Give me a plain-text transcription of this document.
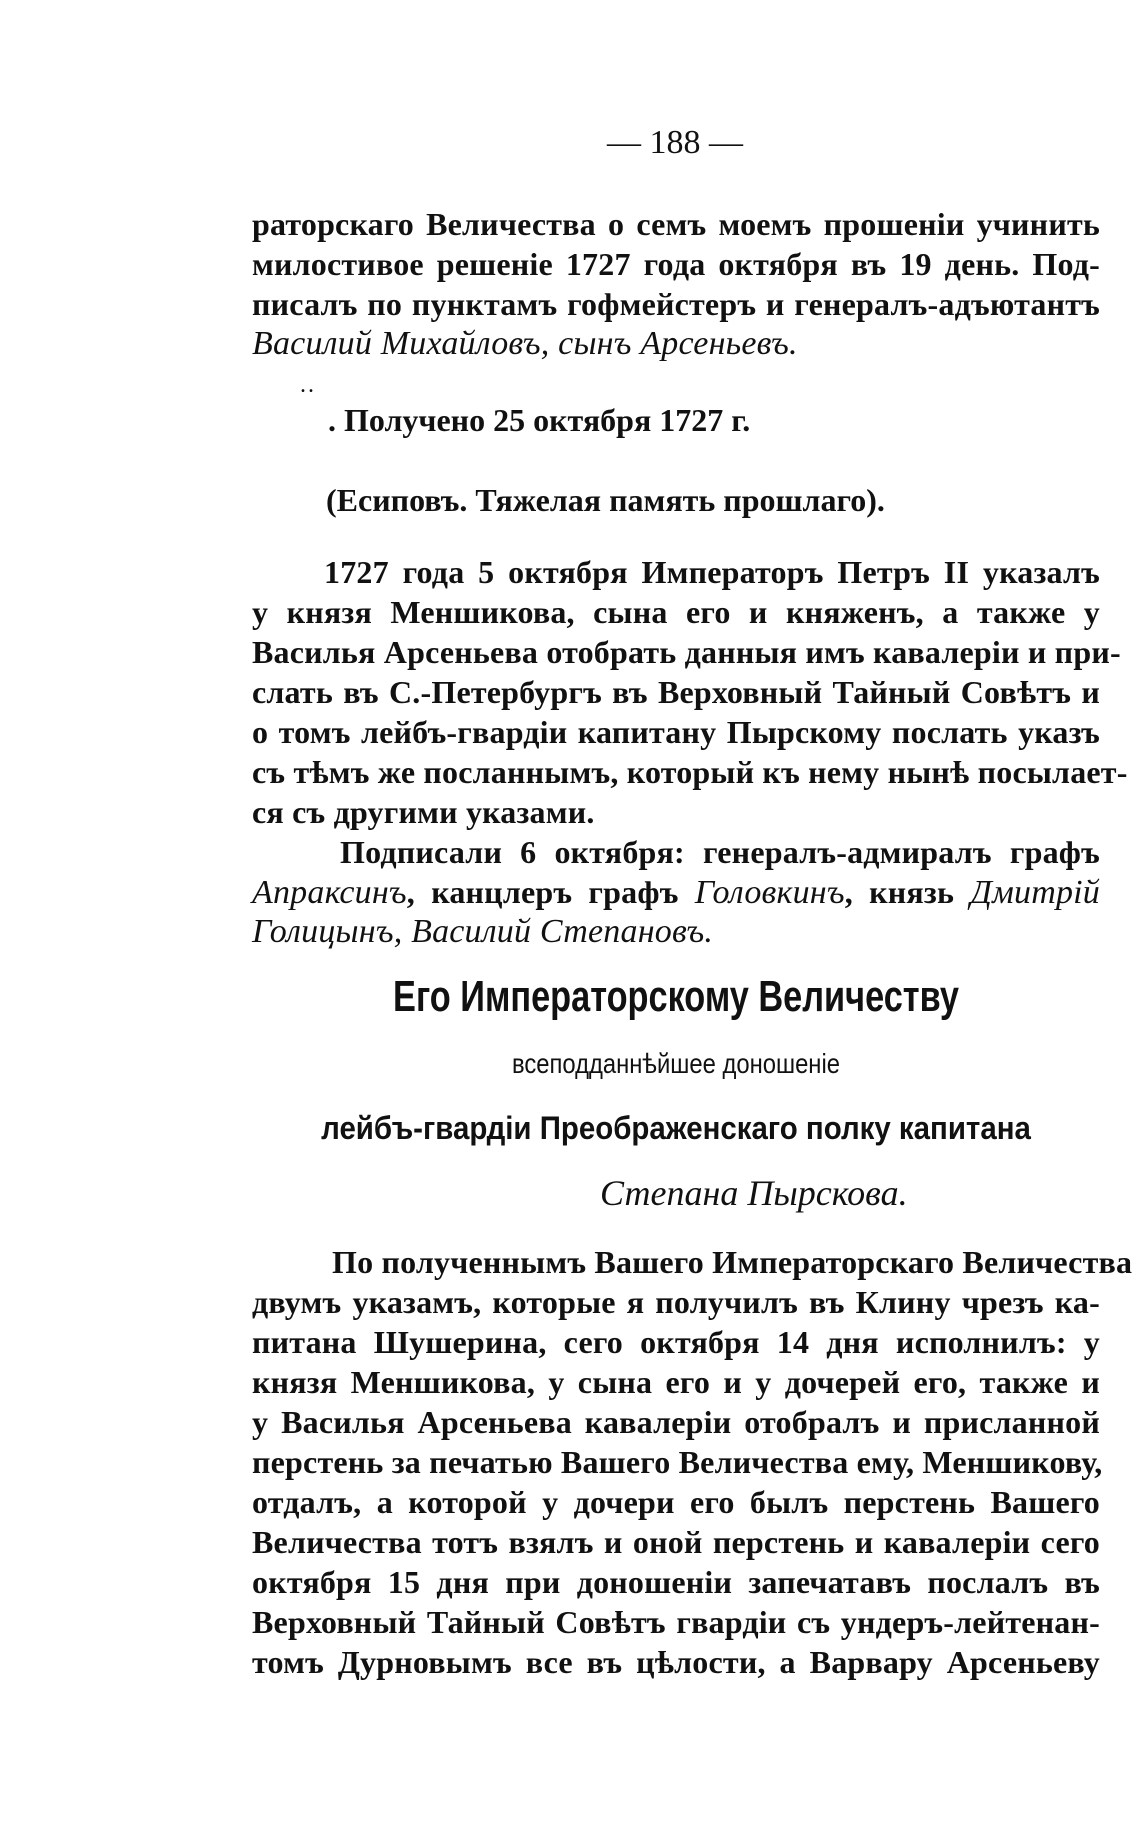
— 188 —
раторскаго Величества о семъ моемъ прошенiи учинить
милостивое решенiе 1727 года октября въ 19 день. Под-
писалъ по пунктамъ гофмейстеръ и генералъ-адъютантъ
Василий Михайловъ, сынъ Арсеньевъ.
..
. Получено 25 октября 1727 г.
(Есиповъ. Тяжелая память прошлаго).
1727 года 5 октября Императоръ Петръ II указалъ
у князя Меншикова, сына его и княженъ, а также у
Василья Арсеньева отобрать данныя имъ кавалерiи и при-
слать въ С.-Петербургъ въ Верховный Тайный Совѣтъ и
о томъ лейбъ-гвардiи капитану Пырскому послать указъ
съ тѣмъ же посланнымъ, который къ нему нынѣ посылает-
ся съ другими указами.
Подписали 6 октября: генералъ-адмиралъ графъ
Апраксинъ, канцлеръ графъ Головкинъ, князь Дмитрiй
Голицынъ, Василий Степановъ.
Его Императорскому Величеству
всеподданнѣйшее доношенiе
лейбъ-гвардiи Преображенскаго полку капитана
Степана Пырскова.
По полученнымъ Вашего Императорскаго Величества
двумъ указамъ, которые я получилъ въ Клину чрезъ ка-
питана Шушерина, сего октября 14 дня исполнилъ: у
князя Меншикова, у сына его и у дочерей его, также и
у Василья Арсеньева кавалерiи отобралъ и присланной
перстень за печатью Вашего Величества ему, Меншикову,
отдалъ, а которой у дочери его былъ перстень Вашего
Величества тотъ взялъ и оной перстень и кавалерiи сего
октября 15 дня при доношенiи запечатавъ послалъ въ
Верховный Тайный Совѣтъ гвардiи съ ундеръ-лейтенан-
томъ Дурновымъ все въ цѣлости, а Варвару Арсеньеву
